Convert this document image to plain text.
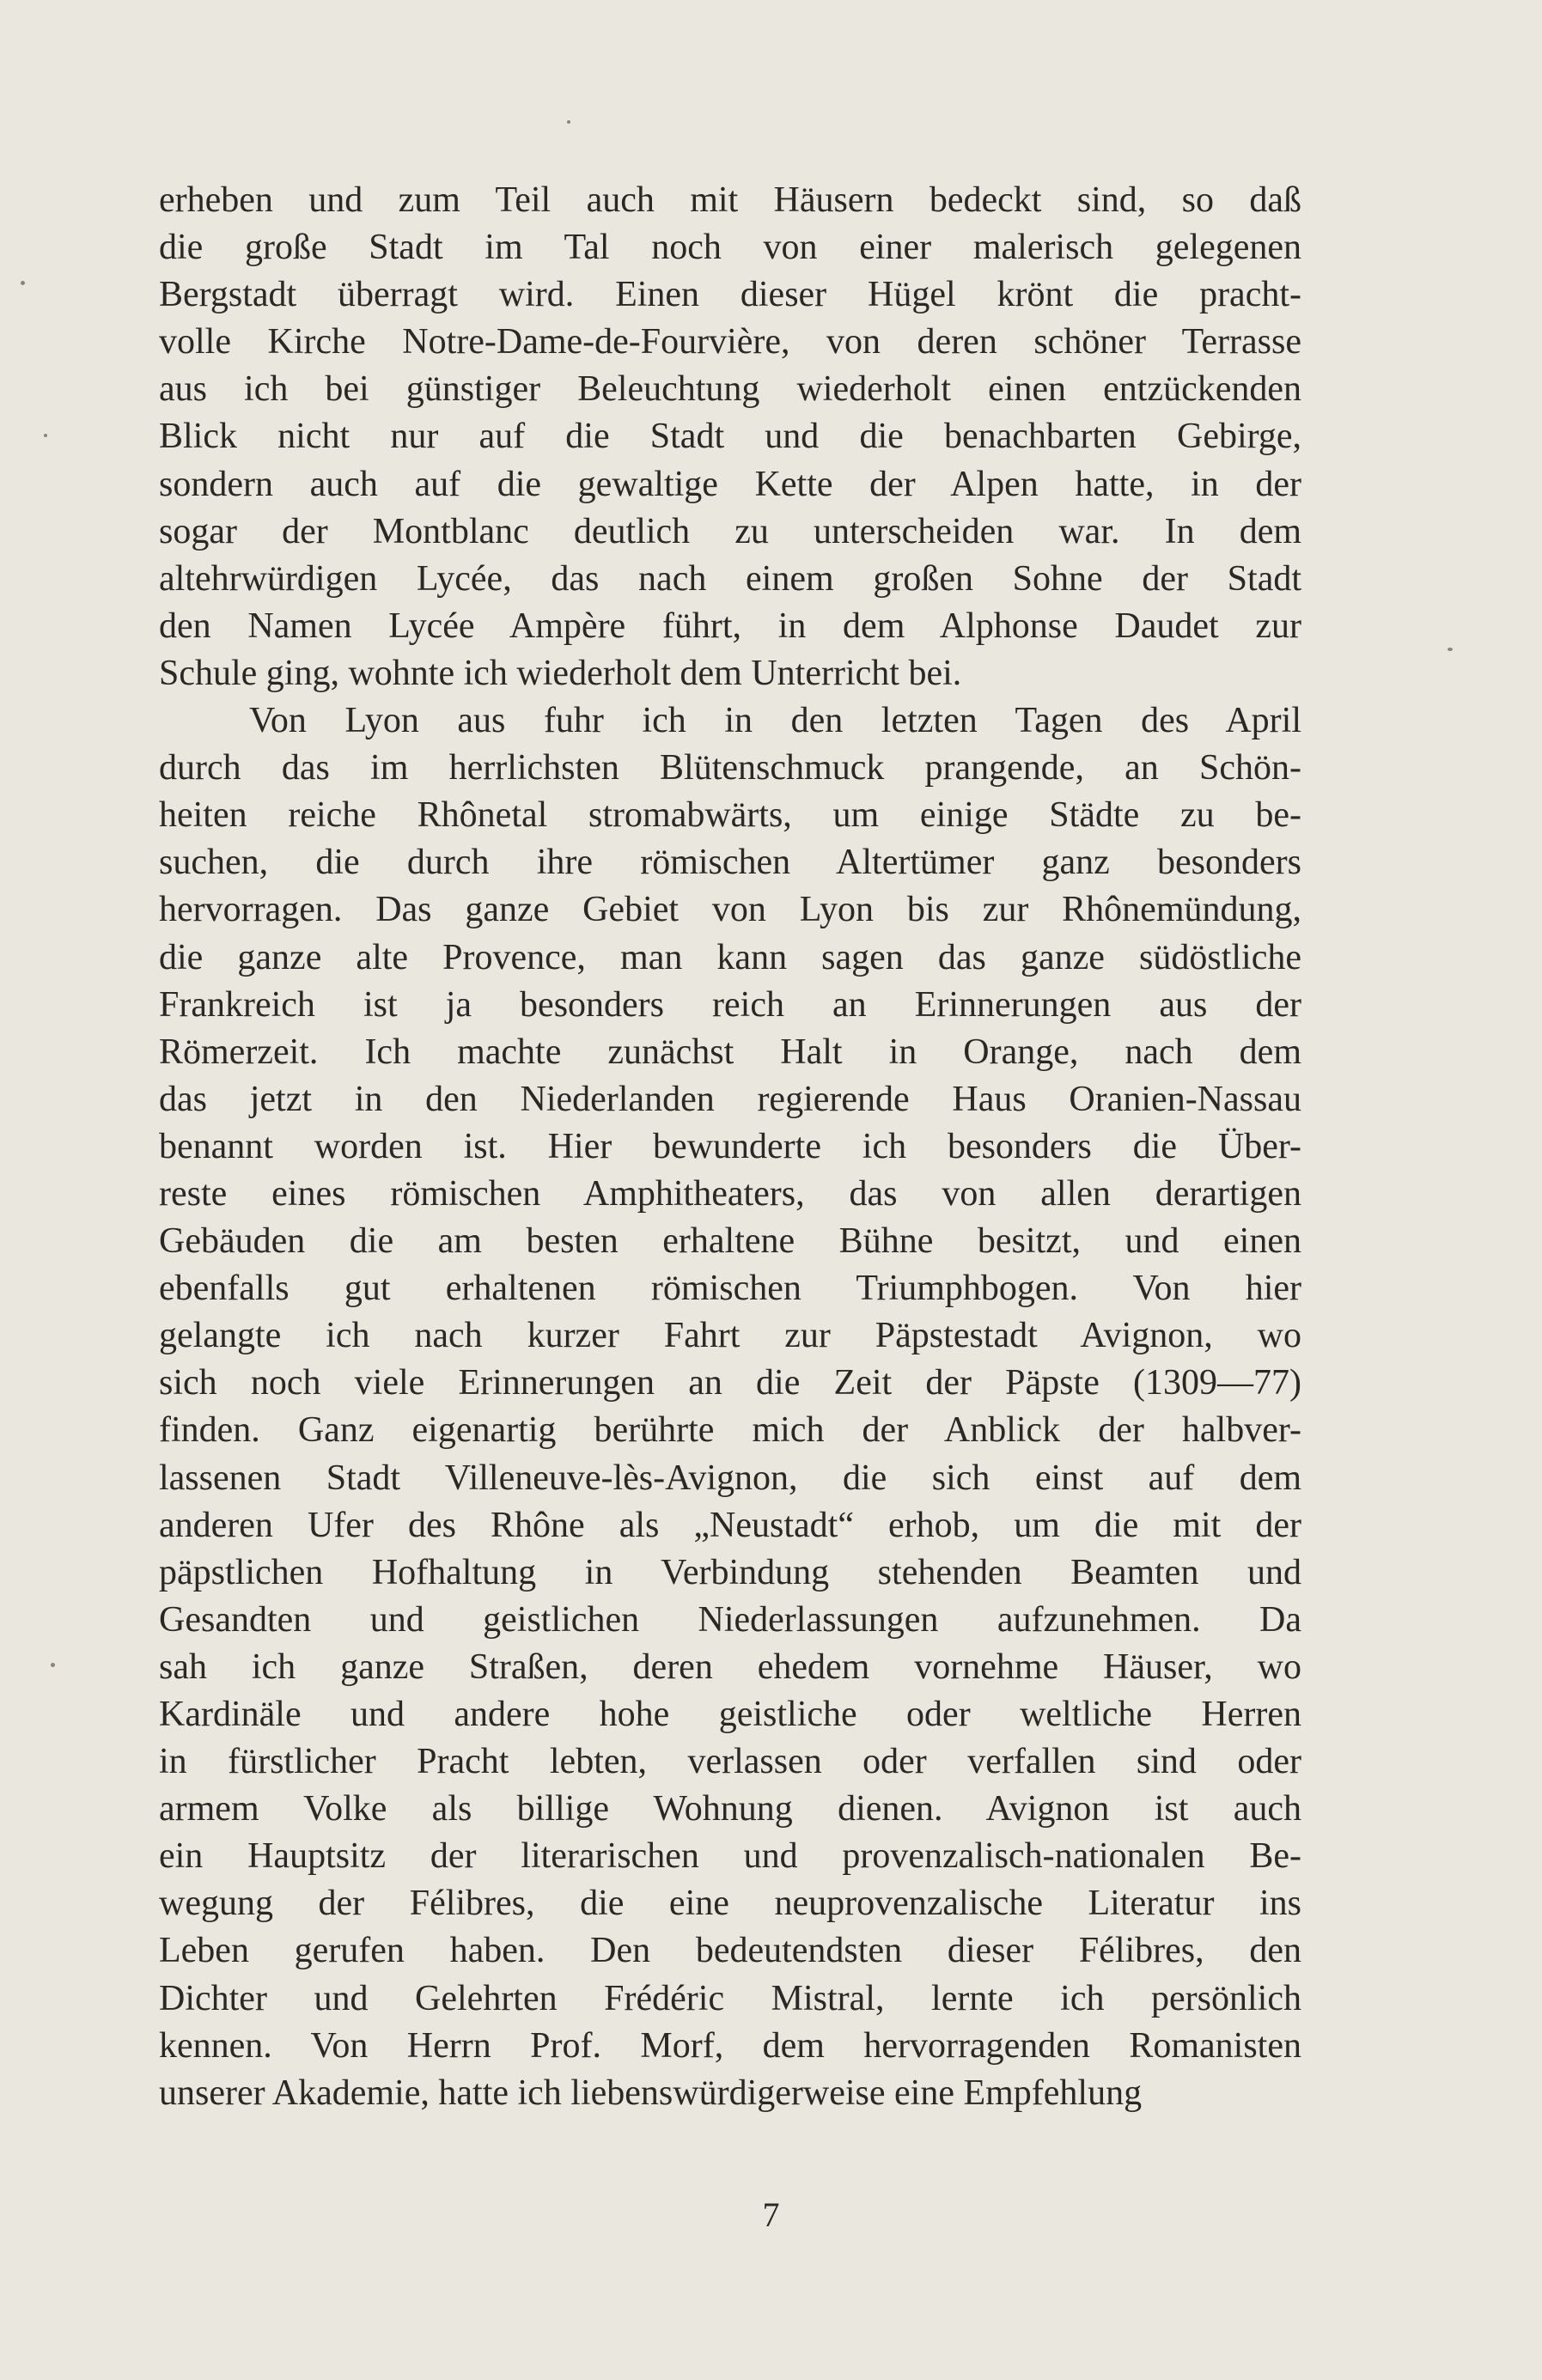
erheben und zum Teil auch mit Häusern bedeckt sind, so daß
die große Stadt im Tal noch von einer malerisch gelegenen
Bergstadt überragt wird. Einen dieser Hügel krönt die pracht-
volle Kirche Notre-Dame-de-Fourvière, von deren schöner Terrasse
aus ich bei günstiger Beleuchtung wiederholt einen entzückenden
Blick nicht nur auf die Stadt und die benachbarten Gebirge,
sondern auch auf die gewaltige Kette der Alpen hatte, in der
sogar der Montblanc deutlich zu unterscheiden war. In dem
altehrwürdigen Lycée, das nach einem großen Sohne der Stadt
den Namen Lycée Ampère führt, in dem Alphonse Daudet zur
Schule ging, wohnte ich wiederholt dem Unterricht bei.
Von Lyon aus fuhr ich in den letzten Tagen des April
durch das im herrlichsten Blütenschmuck prangende, an Schön-
heiten reiche Rhônetal stromabwärts, um einige Städte zu be-
suchen, die durch ihre römischen Altertümer ganz besonders
hervorragen. Das ganze Gebiet von Lyon bis zur Rhônemündung,
die ganze alte Provence, man kann sagen das ganze südöstliche
Frankreich ist ja besonders reich an Erinnerungen aus der
Römerzeit. Ich machte zunächst Halt in Orange, nach dem
das jetzt in den Niederlanden regierende Haus Oranien-Nassau
benannt worden ist. Hier bewunderte ich besonders die Über-
reste eines römischen Amphitheaters, das von allen derartigen
Gebäuden die am besten erhaltene Bühne besitzt, und einen
ebenfalls gut erhaltenen römischen Triumphbogen. Von hier
gelangte ich nach kurzer Fahrt zur Päpstestadt Avignon, wo
sich noch viele Erinnerungen an die Zeit der Päpste (1309—77)
finden. Ganz eigenartig berührte mich der Anblick der halbver-
lassenen Stadt Villeneuve-lès-Avignon, die sich einst auf dem
anderen Ufer des Rhône als „Neustadt“ erhob, um die mit der
päpstlichen Hofhaltung in Verbindung stehenden Beamten und
Gesandten und geistlichen Niederlassungen aufzunehmen. Da
sah ich ganze Straßen, deren ehedem vornehme Häuser, wo
Kardinäle und andere hohe geistliche oder weltliche Herren
in fürstlicher Pracht lebten, verlassen oder verfallen sind oder
armem Volke als billige Wohnung dienen. Avignon ist auch
ein Hauptsitz der literarischen und provenzalisch-nationalen Be-
wegung der Félibres, die eine neuprovenzalische Literatur ins
Leben gerufen haben. Den bedeutendsten dieser Félibres, den
Dichter und Gelehrten Frédéric Mistral, lernte ich persönlich
kennen. Von Herrn Prof. Morf, dem hervorragenden Romanisten
unserer Akademie, hatte ich liebenswürdigerweise eine Empfehlung
7
